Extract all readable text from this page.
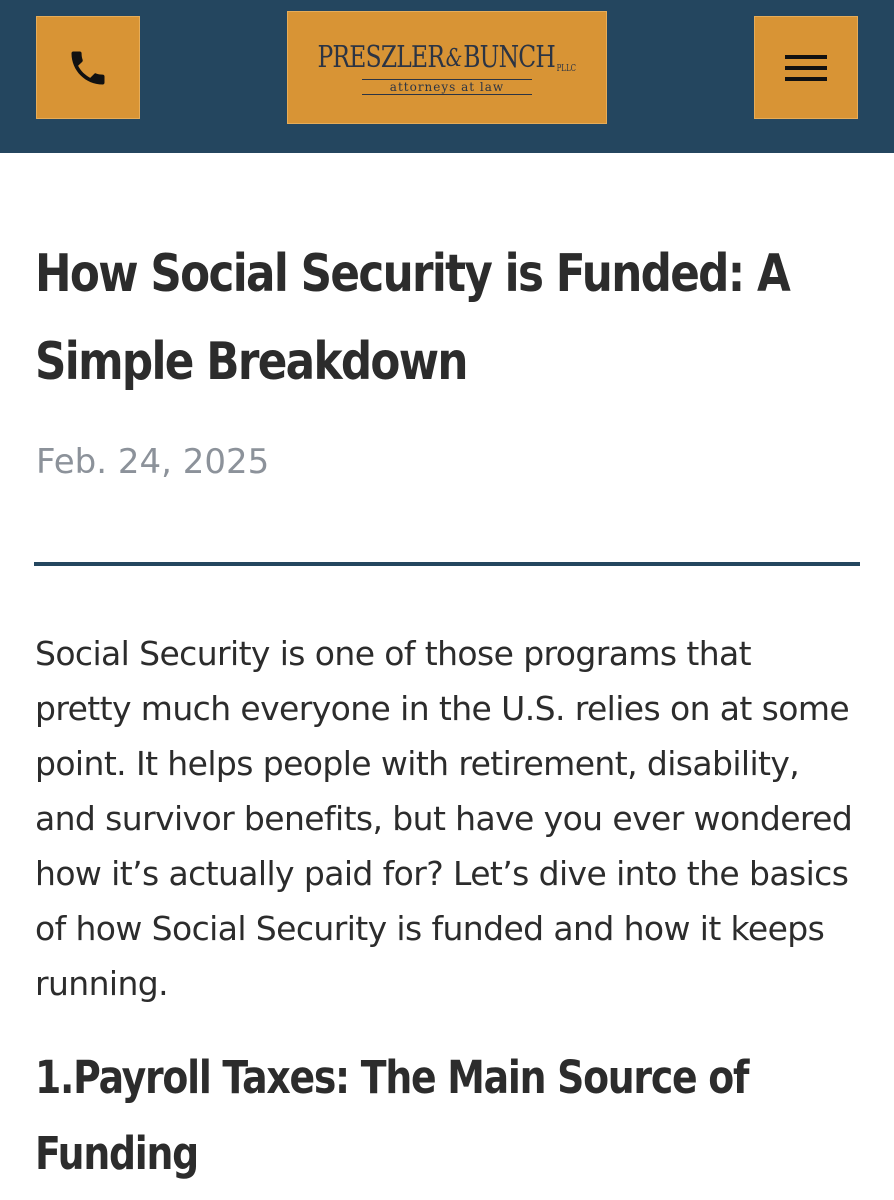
PRESZLER & BUNCH PLLC
attorneys at law
How Social Security is Funded: A Simple Breakdown

Feb. 24, 2025

Social Security is one of those programs that pretty much everyone in the U.S. relies on at some point. It helps people with retirement, disability, and survivor benefits, but have you ever wondered how it’s actually paid for? Let’s dive into the basics of how Social Security is funded and how it keeps running.

1.Payroll Taxes: The Main Source of Funding
